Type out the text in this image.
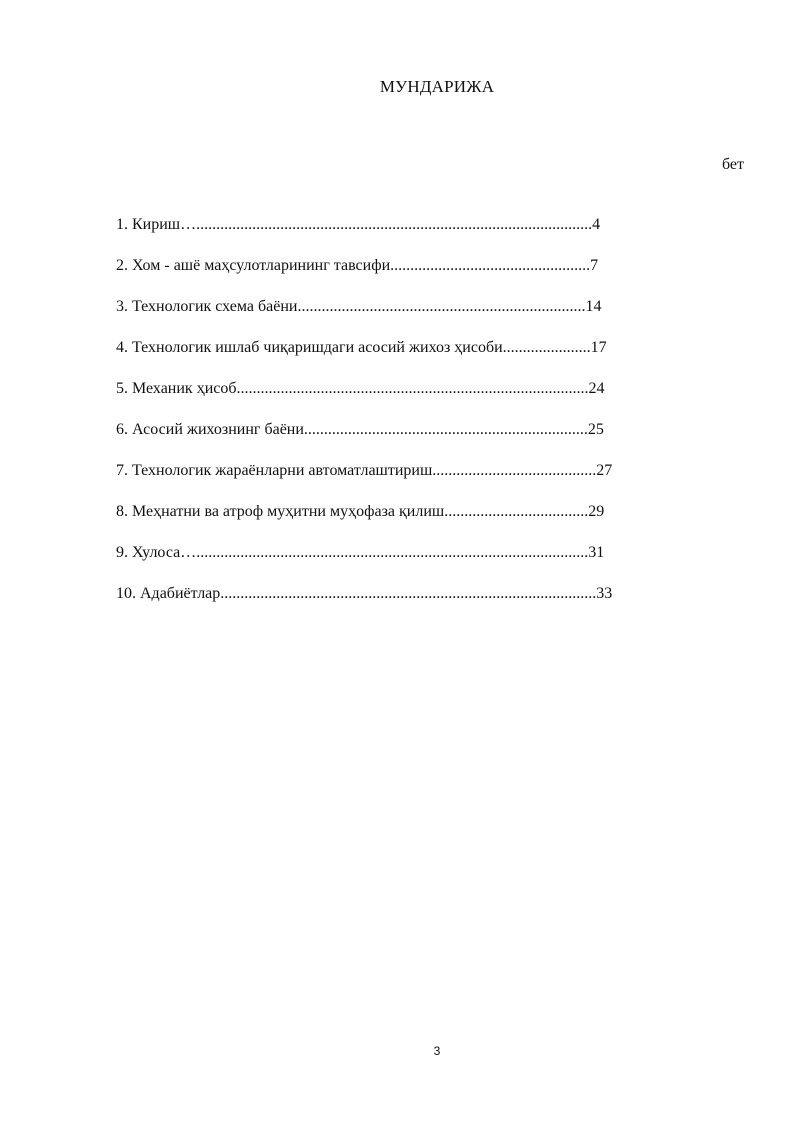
МУНДАРИЖА
бет
1. Кириш…...................................................................................................4
2. Хом - ашё маҳсулотларининг тавсифи..................................................7
3. Технологик схема баёни........................................................................14
4. Технологик ишлаб чиқаришдаги асосий жихоз ҳисоби......................17
5. Механик ҳисоб........................................................................................24
6. Асосий жихознинг баёни.......................................................................25
7. Технологик жараёнларни автоматлаштириш.........................................27
8. Меҳнатни ва атроф муҳитни муҳофаза қилиш....................................29
9. Хулоса…..................................................................................................31
10. Адабиётлар..............................................................................................33
3
